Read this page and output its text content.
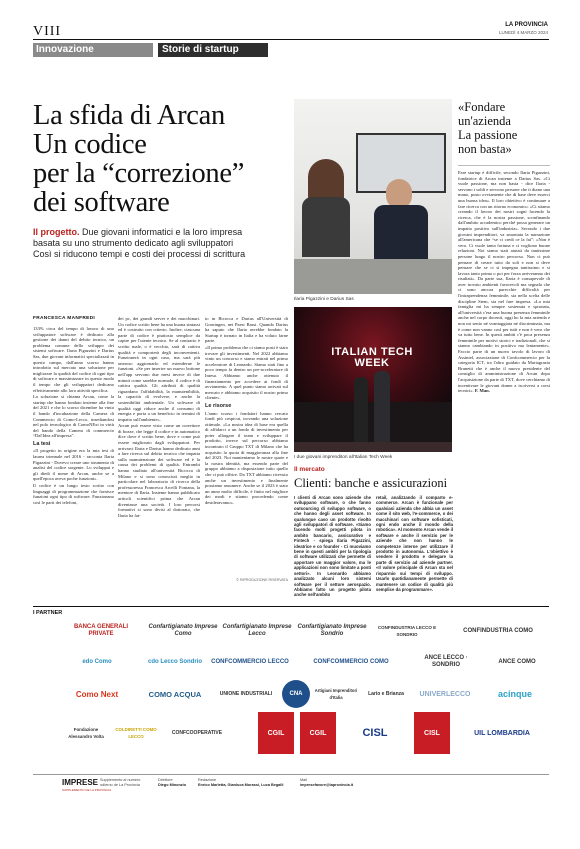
VIII	LA PROVINCIA
LUNEDÌ 4 MARZO 2024
Innovazione	Storie di startup
La sfida di Arcan
Un codice
per la “correzione”
dei software
Il progetto. Due giovani informatici e la loro impresa
basata su uno strumento dedicato agli sviluppatori
Così si riducono tempi e costi dei processi di scrittura
Ilaria Pigazzini e Darius Sas
ITALIAN TECH WEEK
I due giovani imprenditori all'Italian Tech Week
«Fondare
un'azienda
La passione
non basta»
Fare startup è difficile, secondo Ilaria Pigazzini, fondatrice di Arcan insieme a Darius Sas. «Ci vuole passione, ma non basta - dice Ilaria - servono i soldi e servono persone che ti diano una mano, posto ovviamente che di base deve esserci una buona idea». Il loro obiettivo è continuare a fare ricerca con un ritorno economico. «Ci stiamo creando il lavoro dei nostri sogni facendo la ricerca, che è la nostra passione, sconfinando dall'ambito accademico perché possa generare un impatto positivo sull'industria». Secondo i due giovani imprenditori, va smontata la narrazione all'americana che “se ci credi ce la fai”: «Non è vero. Ci vuole tanta fortuna e ci vogliono buone relazioni. Noi siamo stati aiutati da tantissime persone lungo il nostro percorso. Non ci può pensare di creare tutto da soli e non si deve pensare che se ci si impegna tantissimo e si lavora tanto prima o poi per forza arriveranno dei risultati». Da parte sua, Ilaria è consapevole di aver trovato ambienti favorevoli ma segnala che ci sono ancora parecchie difficoltà per l'intraprendenza femminile, sia nella scelta delle discipline Stem, sia nel fare impresa. «La mia famiglia mi ha sempre sostenuta e spronata, all'università c'era una buona presenza femminile anche nel corpo docenti, oggi ho la mia azienda e non mi sento né svantaggiata né discriminata, ma è come non vanno così per tutti e non è vero che va tutto bene. In questi ambiti c'è poca presenza femminile per motivi storici e tradizionali, che si stanno cambiando in positivo ma lentamente». Faccio parte di un nuovo tavolo di lavoro di Assintel, associazione di Confcommercio per la categoria ICT, tra l'altro guidato da Mariagrazia Brunetti che è anche il nuovo presidente del consiglio di amministrazione di Arcan dopo l'acquisizione da parte di TXT, dove cerchiamo di incentivare le giovani donne a iscriversi a corsi tecnici». F. Man.
FRANCESCA MANFREDI

133% circa del tempo di lavoro di uno sviluppatore software è dedicato alla gestione dei danni del debito tecnico, un problema comune dello sviluppo dei sistemi software. Ilaria Pigazzini e Darius Sas, due giovani informatici specializzati in questo campo, dall'anno scorso hanno introdotto sul mercato una soluzione per migliorare la qualità del codice di ogni tipo di software e massimizzare in questo modo il tempo che gli sviluppatori dedicano effettivamente allo loro attività specifica.

La soluzione si chiama Arcan, come la startup che hanno fondato insieme alla fine del 2021 e che lo scorso dicembre ha vinto il bando d'incubazione della Camera di Commercio di Como-Lecco, insediandosi nel polo tecnologico di ComoNExt in virtù del bando della Camera di commercio “Dal'Idea all'impresa”.

La tesi

«Il progetto in origine era la mia tesi di laurea triennale nel 2016 - racconta Ilaria Pigazzini - Dovevo creare uno strumento di analisi del codice sorgente. Lo sviluppai e gli diedi il nome di Arcan, anche se a quell'epoca aveva poche funzioni».

Il codice è un lungo testo scritto con linguaggi di programmazione che fornisce funzioni ogni tipo di software. Funzionano così le parti dei telefoni,

dei pc, dei grandi server e dei macchinari. Un codice scritto bene ha una buona sintassi ed è costruito con criterio. Inoltre, ciascuna parte di codice è piuttosto semplice da capire per l'utente tecnico. Se al contrario è scritto male, o è vecchio, sarà di cattiva qualità e comporterà degli inconvenienti. Funzionerà in ogni caso, ma sarà più oneroso aggiornarlo ed estenderne le funzioni. «Se per inserire un nuovo bottone nell'app servono due mesi invece di due minuti come sarebbe normale, il codice è di cattiva qualità. Gli attributi di qualità riguardano l'affidabilità, la manutenibilità, la capacità di evolvere, e anche la sostenibilità ambientale. Un software di qualità oggi riduce anche il consumo di energia e porta a un beneficio in termini di impatto sull'ambiente».

Arcan può essere visto come un correttore di bozze, che legge il codice e in automatico dice dove è scritto bene, dove e come può essere migliorato dagli sviluppatori. Per arrivarci Ilaria e Darius hanno dedicato anni a fare ricerca sul debito tecnico che impatta sulla manutenzione dei software ed è la causa dei problemi di qualità. Entrambi hanno studiato all'università Bicocca di Milano e si sono conosciuti meglio in particolare nel laboratorio di ricerca della professoressa Francesca Arcelli Fontana, la mentore di Ilaria. Insieme hanno pubblicato articoli scientifici prima che Arcan diventasse una società. I loro percorsi formativi si sono divisi al dottorato, che Ilaria ha fat-

to in Bicocca e Darius all'Università di Groningen, nei Paesi Bassi. Quando Darius ha saputo che Ilaria avrebbe fondato la Startup è tornato in Italia e ha voluto farne parte.

«Il primo problema che ci siamo posti è stato trovare gli investimenti. Nel 2022 abbiamo vinto un concorso e siamo entrati nel primo acceleratore di Leonardo. Siamo stati fino a poco tempo fa dentro un pre-acceleratore di Intesa. Abbiamo anche ottenuto il finanziamento per accedere ai fondi di avviamento. A quel punto siamo arrivati sul mercato e abbiamo acquisito il nostro primo cliente».

Le risorse

L'anno scorso i fondatori hanno cercato fondi più cospicui, trovando una soluzione ottimale. «La nostra idea di base era quella di affidarci a un fondo di investimento per poter allargare il team e sviluppare il prodotto, invece sul percorso abbiamo incontrato il Gruppo TXT di Milano che ha acquisito la quota di maggioranza alla fine del 2023. Noi manteniamo le nostre quote e la nostra identità, ma essendo parte del gruppo abbiamo a disposizione tutto quello che ci può offrire. Da TXT abbiamo ricevuto anche un investimento e finalmente possiamo assumere. Anche se il 2023 è stato un anno molto difficile, è finito nel migliore dei modi e stiamo procedendo come desideravamo».

© RIPRODUZIONE RISERVATA
Il mercato
Clienti: banche e assicurazioni
I clienti di Arcan sono aziende che sviluppano software, o che fanno outsourcing di sviluppo software, o che hanno degli asset software. In qualunque caso un prodotto rivolto agli sviluppatori di software. «Siamo facendo molti progetti pilota in ambito bancario, assicurativo e Fintech - spiega Ilaria Pigazzini, ideatrice e co founder - Ci muoviamo bene in questi ambiti per la tipologia di software utilizzati che permette di apportare un maggior valore, ma le applicazioni non sono limitate a posti settori». In Leonardo abbiamo analizzato alcuni loro sistemi software per il settore aerospazio. Abbiamo fatto un progetto pilota anche nell'ambito
retail, analizzando il comparto e-commerce. Arcan è funzionale per qualsiasi azienda che abbia un asset come il sito web, l'e-commerce, o dei macchinari con software sofisticati, ogni endo anche il mondo della robotica». Al momento Arcan vende il software e anche il servizio per le aziende che non hanno le competenze interne per utilizzare il prodotto in autonomia. L'obiettivo è vendere il prodotto e delegare la parte di servizio ad aziende partner. «Il valore principale di Arcan sta nel risparmio sui tempi di sviluppo. Usarlo quotidianamente permette di mantenere un codice di qualità più semplice da programmare».
I PARTNER
BANCA GENERALI PRIVATE
Confartigianato Imprese Como
Confartigianato Imprese Lecco
Confartigianato Imprese Sondrio
CONFINDUSTRIA LECCO E SONDRIO
CONFINDUSTRIA COMO
edo Como	cdo Lecco Sondrio	CONFCOMMERCIO LECCO	CONFCOMMERCIO COMO
ANCE LECCO · SONDRIO
ANCE COMO
Como Next	COMO ACQUA	UNIONE INDUSTRIALI	CNA	Artigiani Imprenditori d'Italia
Lario e Brianza	UNIVERLECCO	acinque
Fondazione Alessandro Volta
COLDIRETTI COMO LECCO
CONFCOOPERATIVE	CGIL	CGIL	CISL	CISL	UIL LOMBARDIA
IMPRESE
SUPPLEMENTO DE LA PROVINCIA
Supplemento al numero odierno de La Provincia
Direttore
Diego Minonzio
Redazione
Enrico Marletta, Gianluca Morassi, Luca Begalli
Mail
impresefavore@laprovincia.it
